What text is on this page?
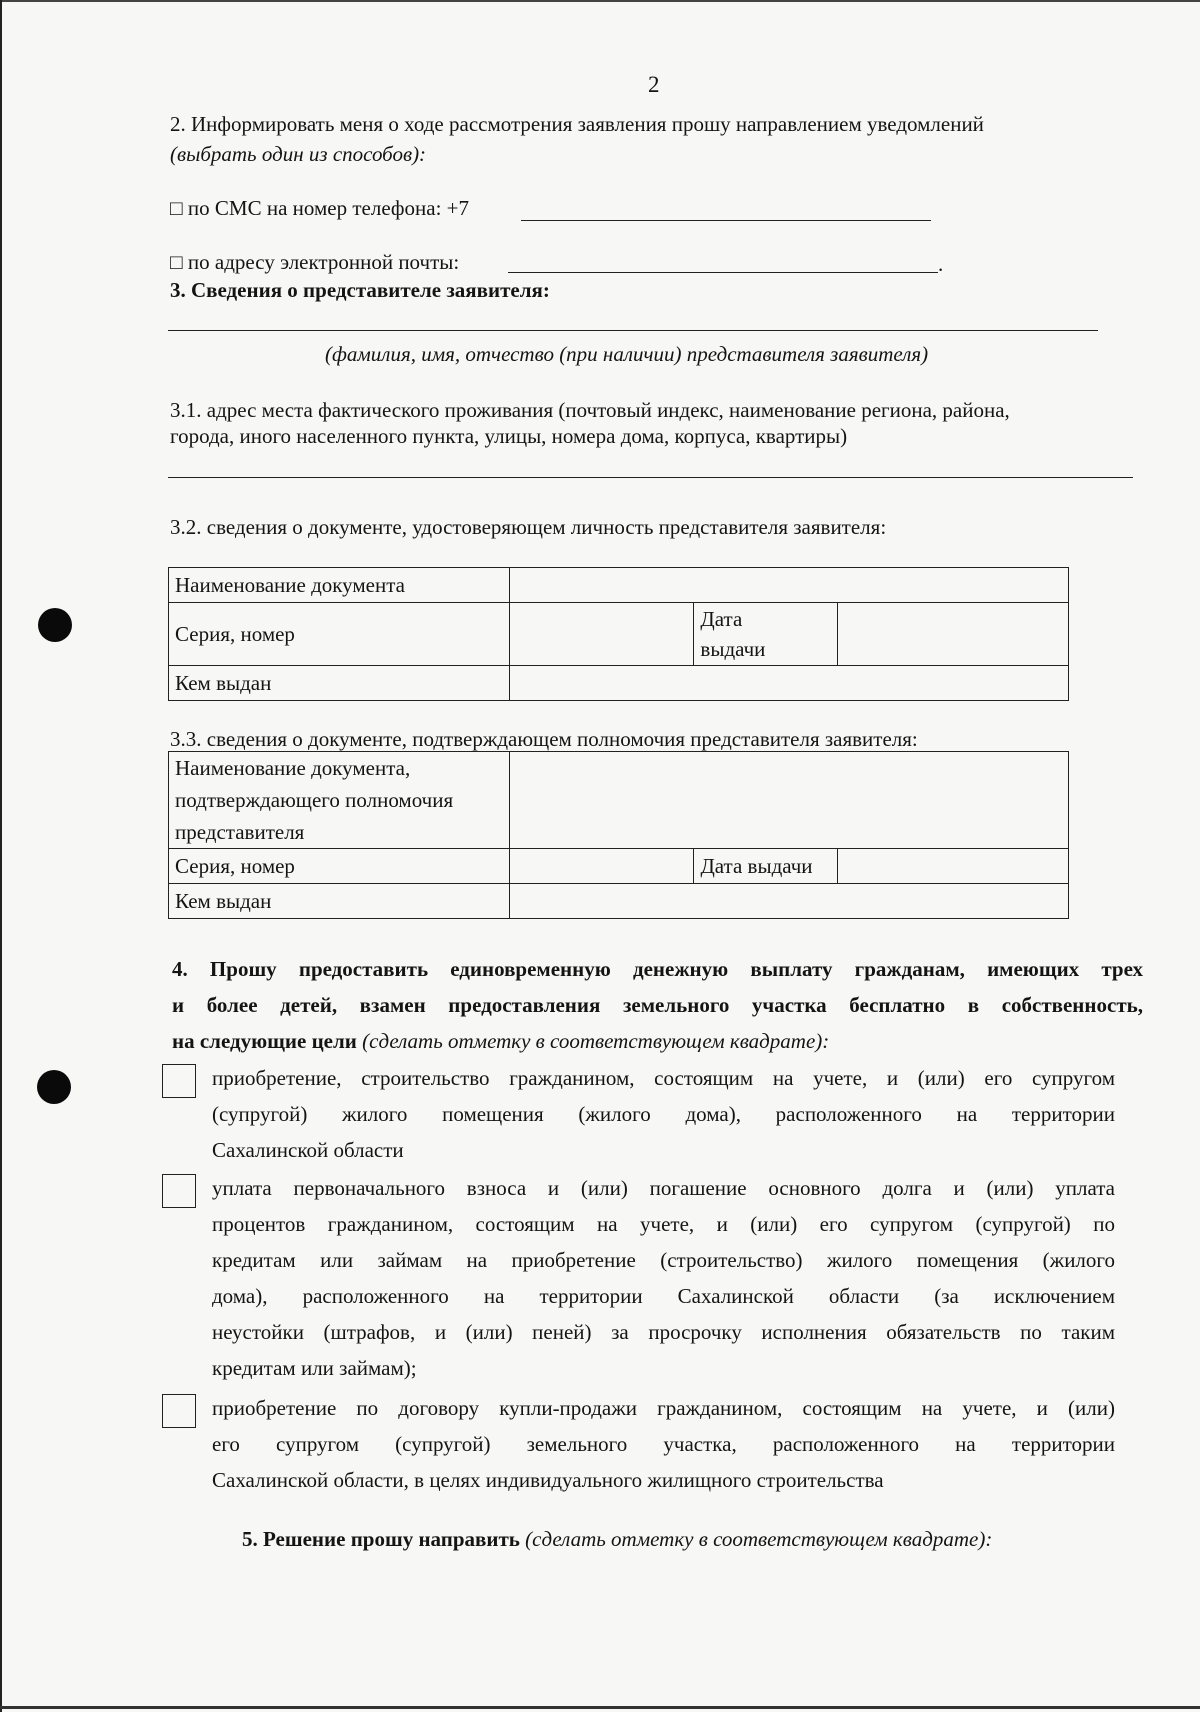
2
2. Информировать меня о ходе рассмотрения заявления прошу направлением уведомлений
(выбрать один из способов):
□ по СМС на номер телефона: +7
□ по адресу электронной почты:	.
3. Сведения о представителе заявителя:
(фамилия, имя, отчество (при наличии) представителя заявителя)
3.1. адрес места фактического проживания (почтовый индекс, наименование региона, района,
города, иного населенного пункта, улицы, номера дома, корпуса, квартиры)
3.2. сведения о документе, удостоверяющем личность представителя заявителя:
Наименование документа			
Серия, номер		Дата
выдачи	

Кем выдан			
3.3. сведения о документе, подтверждающем полномочия представителя заявителя:
Наименование документа,
подтверждающего полномочия
представителя			

Серия, номер		Дата выдачи	
Кем выдан			
4. Прошу предоставить единовременную денежную выплату гражданам, имеющих трех
и более детей, взамен предоставления земельного участка бесплатно в собственность,
на следующие цели (сделать отметку в соответствующем квадрате):
приобретение, строительство гражданином, состоящим на учете, и (или) его супругом
(супругой) жилого помещения (жилого дома), расположенного на территории
Сахалинской области
уплата первоначального взноса и (или) погашение основного долга и (или) уплата
процентов гражданином, состоящим на учете, и (или) его супругом (супругой) по
кредитам или займам на приобретение (строительство) жилого помещения (жилого
дома), расположенного на территории Сахалинской области (за исключением
неустойки (штрафов, и (или) пеней) за просрочку исполнения обязательств по таким
кредитам или займам);
приобретение по договору купли-продажи гражданином, состоящим на учете, и (или)
его супругом (супругой) земельного участка, расположенного на территории
Сахалинской области, в целях индивидуального жилищного строительства
5. Решение прошу направить (сделать отметку в соответствующем квадрате):
